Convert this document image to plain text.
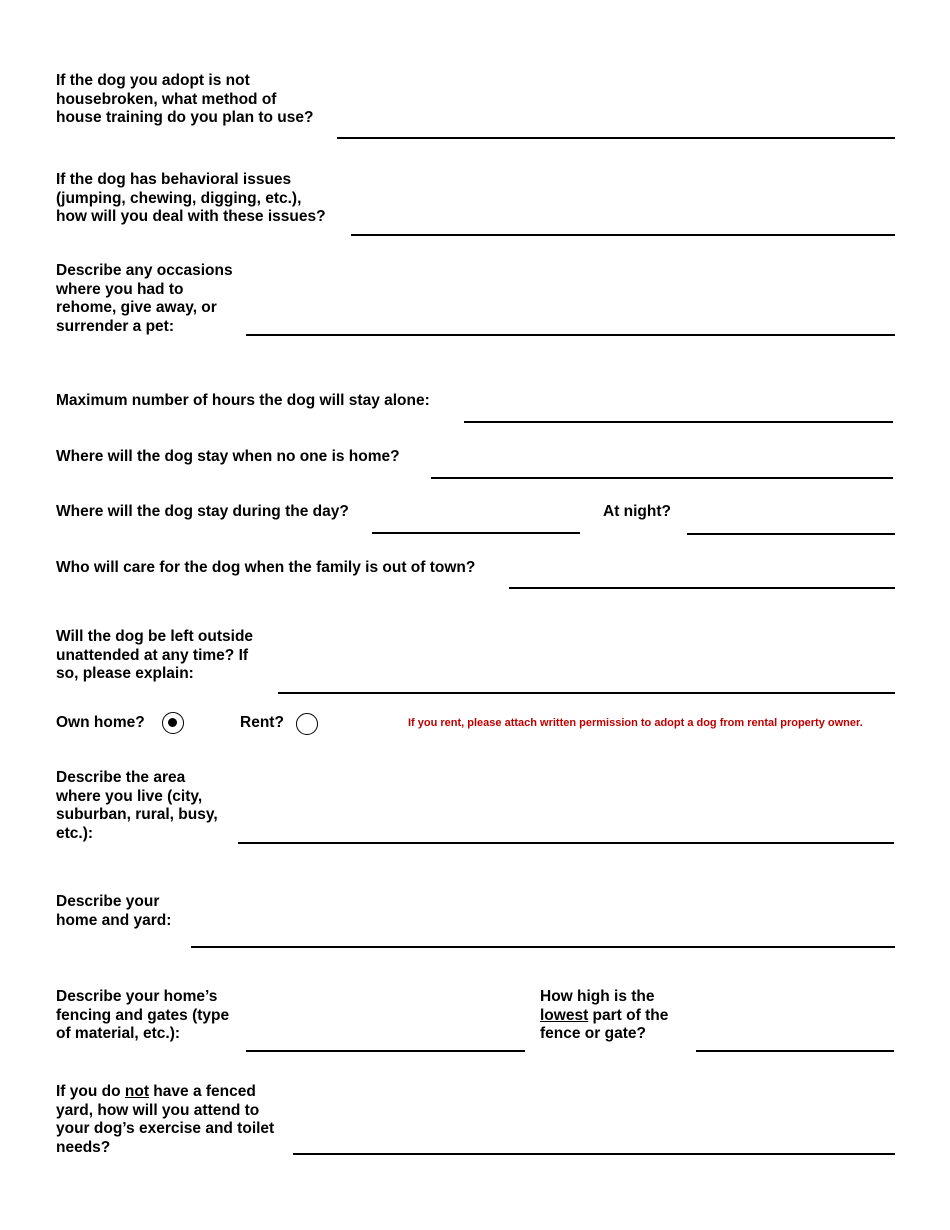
If the dog you adopt is not
housebroken, what method of
house training do you plan to use?
If the dog has behavioral issues
(jumping, chewing, digging, etc.),
how will you deal with these issues?
Describe any occasions
where you had to
rehome, give away, or
surrender a pet:
Maximum number of hours the dog will stay alone:
Where will the dog stay when no one is home?
Where will the dog stay during the day?	At night?
Who will care for the dog when the family is out of town?
Will the dog be left outside
unattended at any time? If
so, please explain:
Own home?	Rent?	If you rent, please attach written permission to adopt a dog from rental property owner.
Describe the area
where you live (city,
suburban, rural, busy,
etc.):
Describe your
home and yard:
Describe your home’s
fencing and gates (type
of material, etc.):
How high is the
lowest part of the
fence or gate?
If you do not have a fenced
yard, how will you attend to
your dog’s exercise and toilet
needs?
